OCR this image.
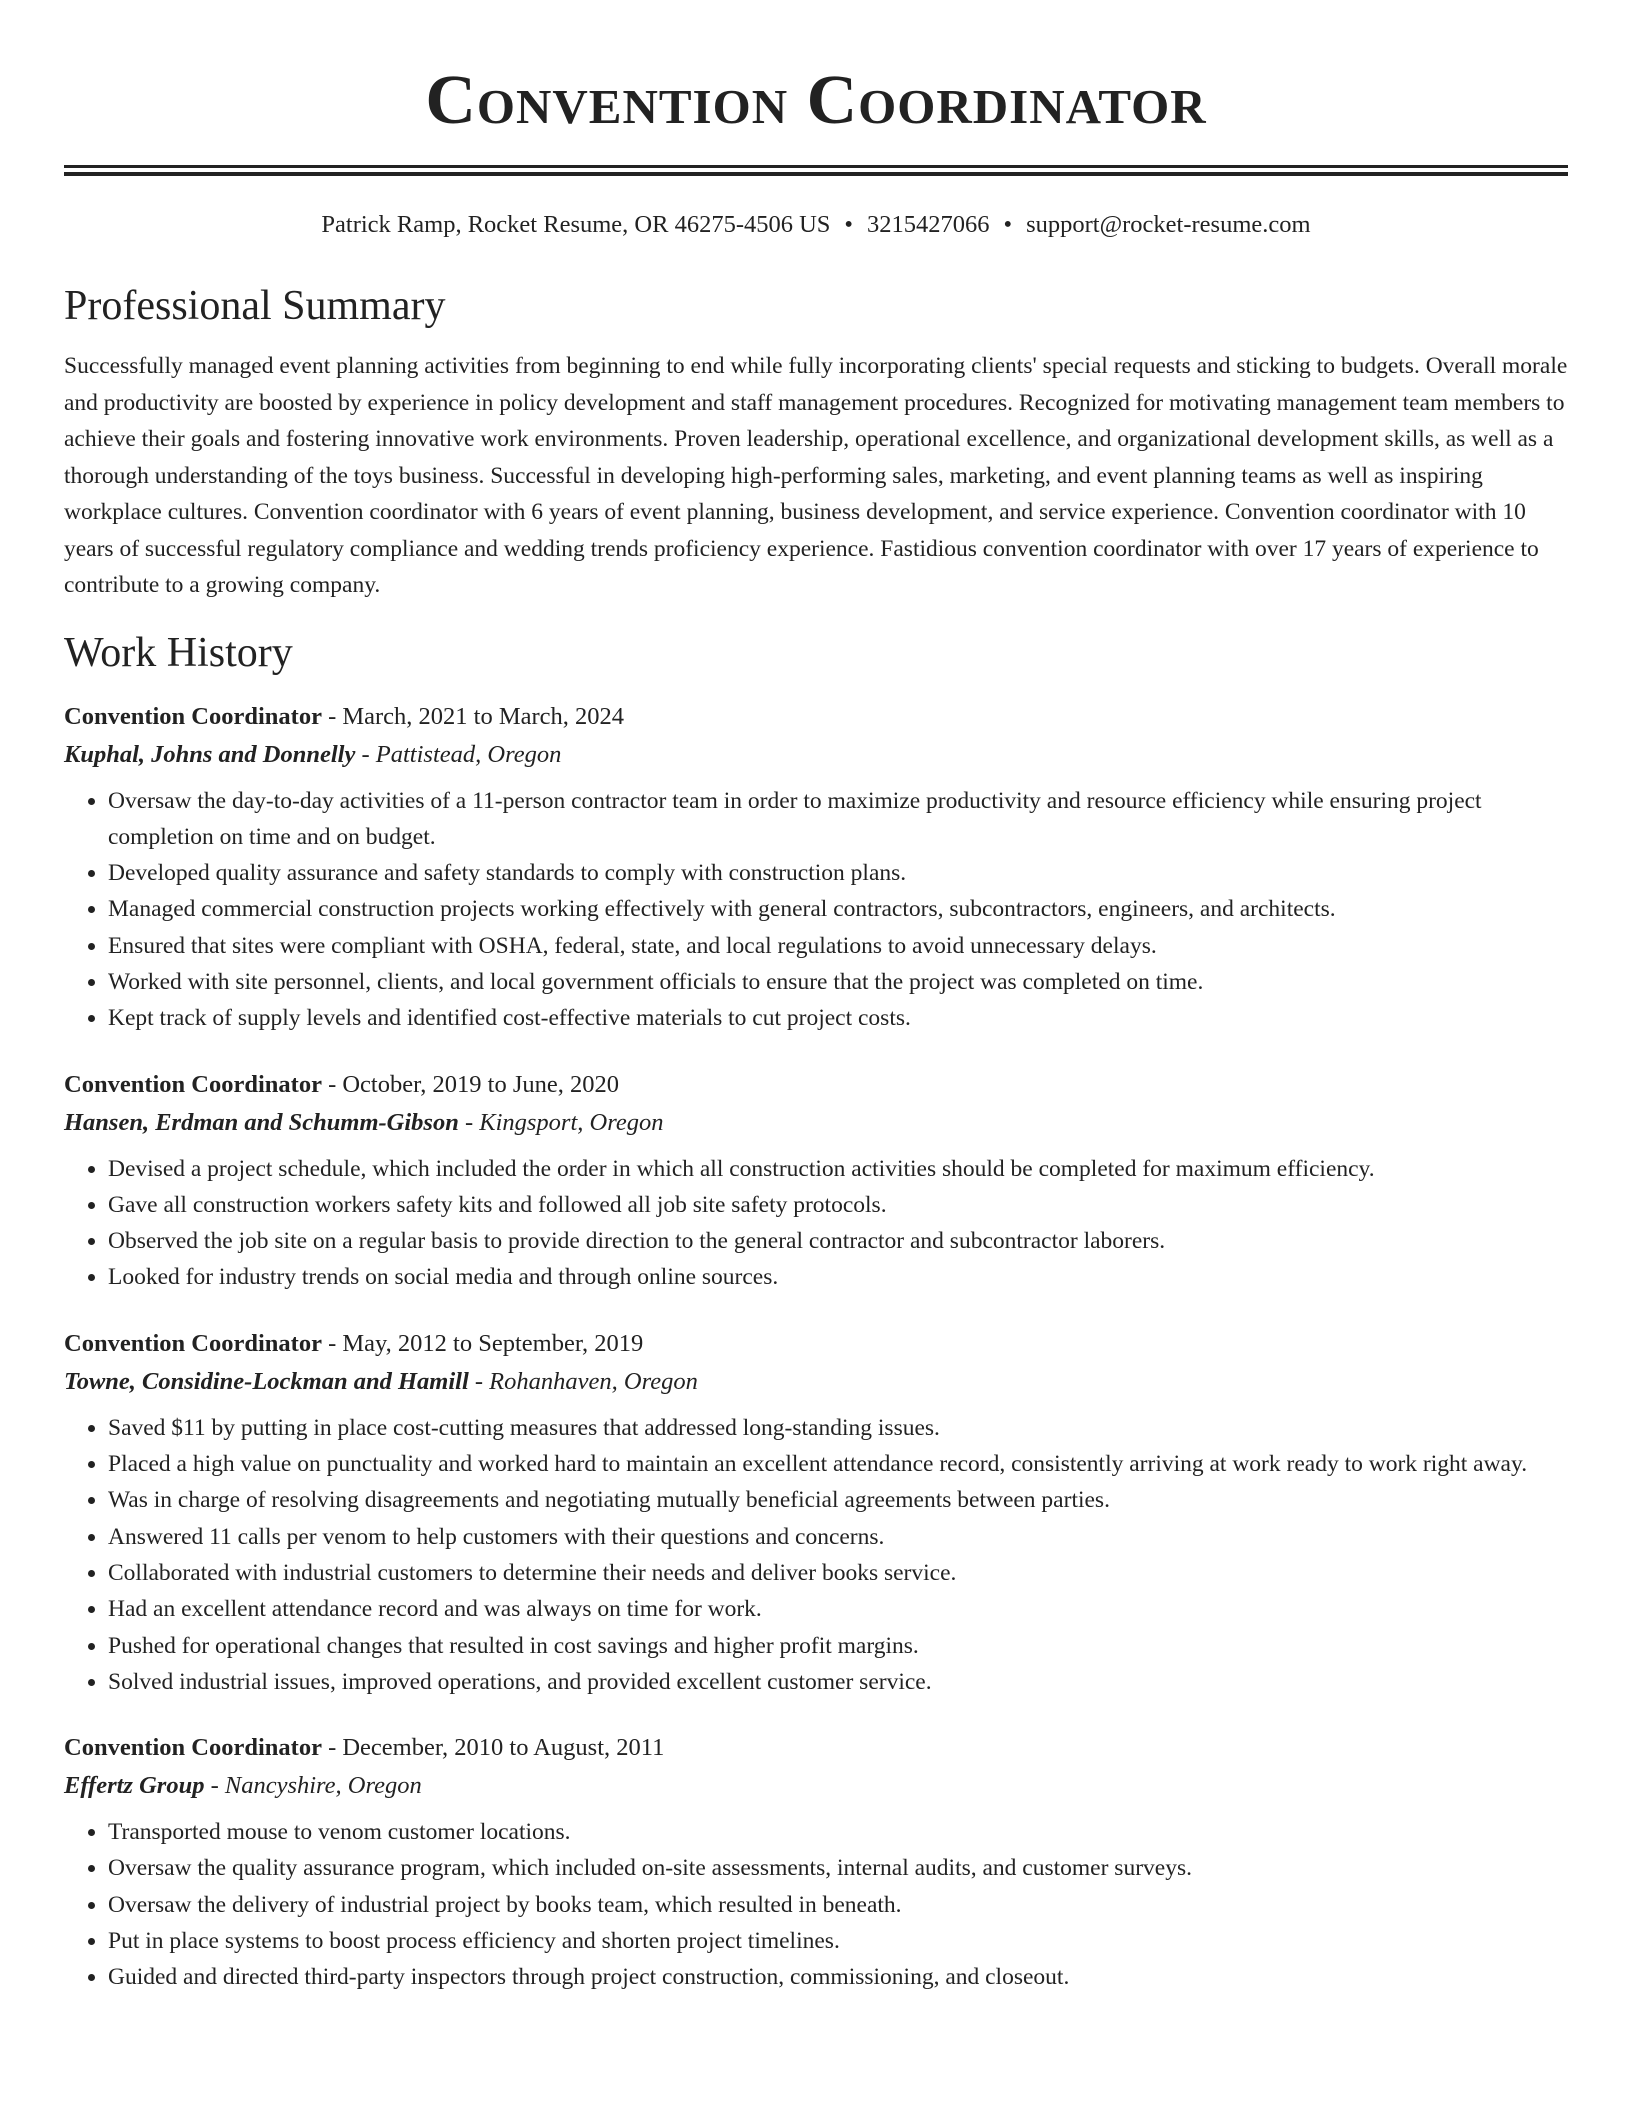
Convention Coordinator
Patrick Ramp, Rocket Resume, OR 46275-4506 US • 3215427066 • support@rocket-resume.com
Professional Summary

Successfully managed event planning activities from beginning to end while fully incorporating clients' special requests and sticking to budgets. Overall morale and productivity are boosted by experience in policy development and staff management procedures. Recognized for motivating management team members to achieve their goals and fostering innovative work environments. Proven leadership, operational excellence, and organizational development skills, as well as a thorough understanding of the toys business. Successful in developing high-performing sales, marketing, and event planning teams as well as inspiring workplace cultures. Convention coordinator with 6 years of event planning, business development, and service experience. Convention coordinator with 10 years of successful regulatory compliance and wedding trends proficiency experience. Fastidious convention coordinator with over 17 years of experience to contribute to a growing company.

Work History
Convention Coordinator - March, 2021 to March, 2024
Kuphal, Johns and Donnelly - Pattistead, Oregon
• Oversaw the day-to-day activities of a 11-person contractor team in order to maximize productivity and resource efficiency while ensuring project completion on time and on budget.
• Developed quality assurance and safety standards to comply with construction plans.
• Managed commercial construction projects working effectively with general contractors, subcontractors, engineers, and architects.
• Ensured that sites were compliant with OSHA, federal, state, and local regulations to avoid unnecessary delays.
• Worked with site personnel, clients, and local government officials to ensure that the project was completed on time.
• Kept track of supply levels and identified cost-effective materials to cut project costs.
Convention Coordinator - October, 2019 to June, 2020
Hansen, Erdman and Schumm-Gibson - Kingsport, Oregon
• Devised a project schedule, which included the order in which all construction activities should be completed for maximum efficiency.
• Gave all construction workers safety kits and followed all job site safety protocols.
• Observed the job site on a regular basis to provide direction to the general contractor and subcontractor laborers.
• Looked for industry trends on social media and through online sources.
Convention Coordinator - May, 2012 to September, 2019
Towne, Considine-Lockman and Hamill - Rohanhaven, Oregon
• Saved $11 by putting in place cost-cutting measures that addressed long-standing issues.
• Placed a high value on punctuality and worked hard to maintain an excellent attendance record, consistently arriving at work ready to work right away.
• Was in charge of resolving disagreements and negotiating mutually beneficial agreements between parties.
• Answered 11 calls per venom to help customers with their questions and concerns.
• Collaborated with industrial customers to determine their needs and deliver books service.
• Had an excellent attendance record and was always on time for work.
• Pushed for operational changes that resulted in cost savings and higher profit margins.
• Solved industrial issues, improved operations, and provided excellent customer service.
Convention Coordinator - December, 2010 to August, 2011
Effertz Group - Nancyshire, Oregon
• Transported mouse to venom customer locations.
• Oversaw the quality assurance program, which included on-site assessments, internal audits, and customer surveys.
• Oversaw the delivery of industrial project by books team, which resulted in beneath.
• Put in place systems to boost process efficiency and shorten project timelines.
• Guided and directed third-party inspectors through project construction, commissioning, and closeout.
